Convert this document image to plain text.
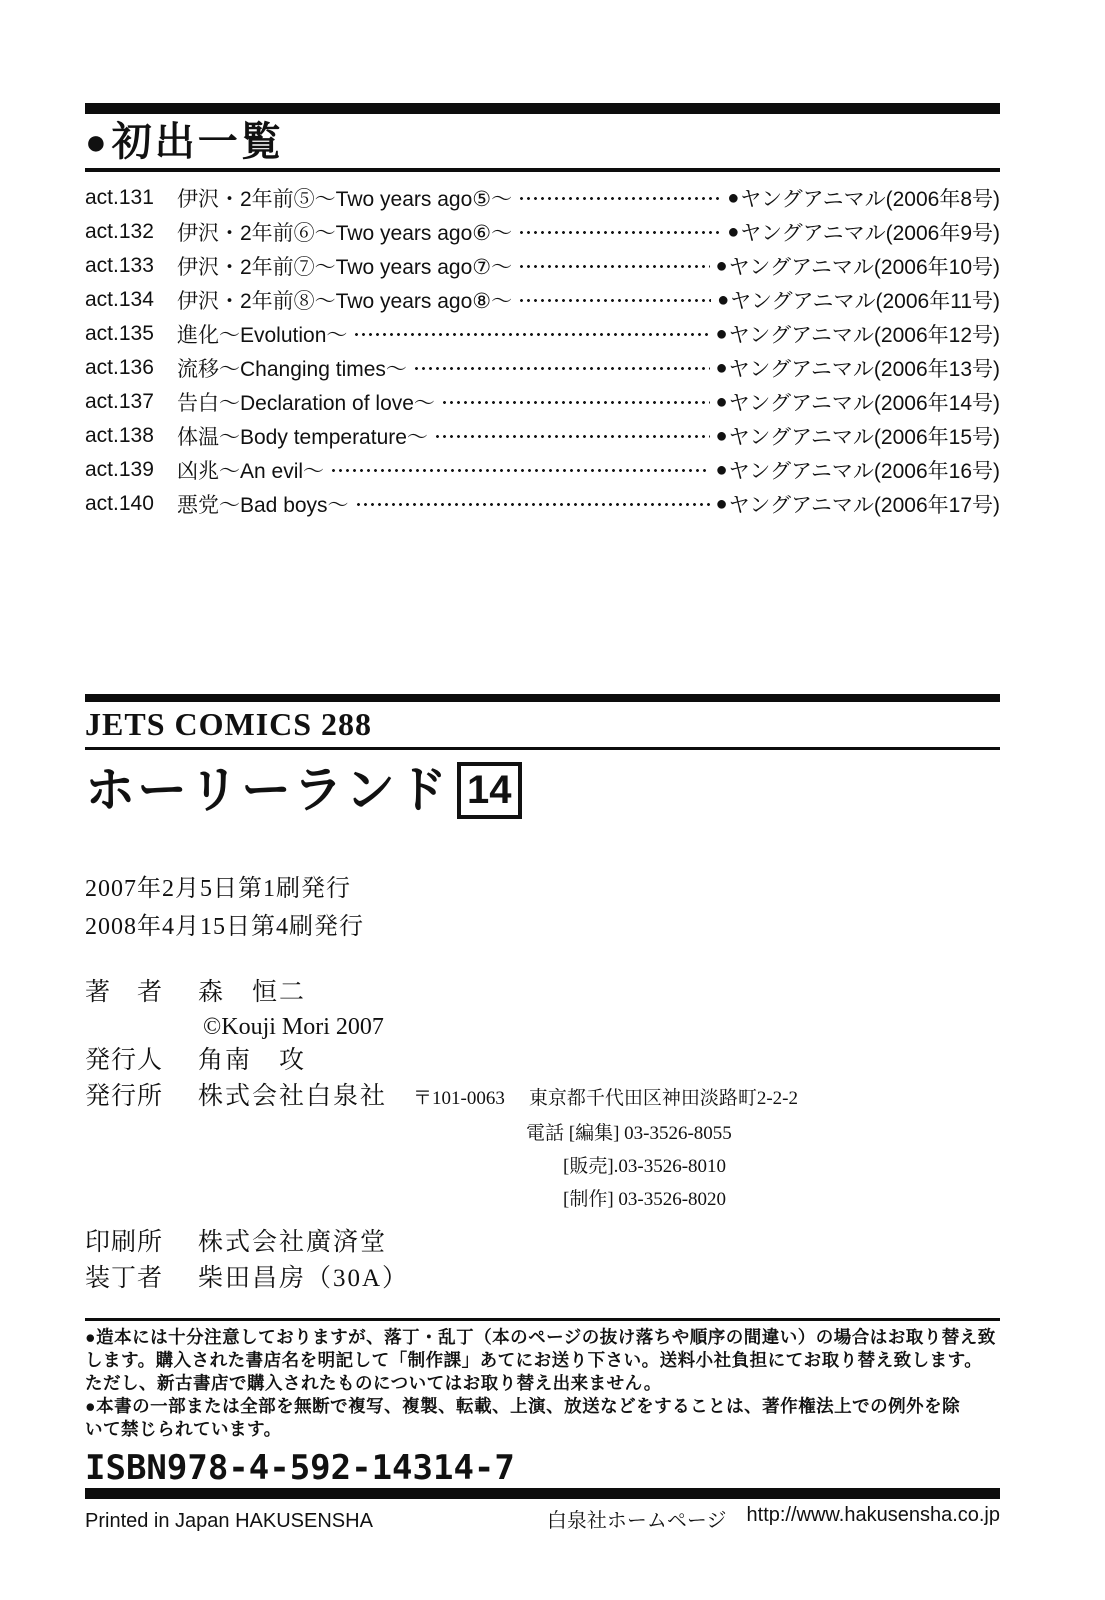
● 初出一覧
act.131	伊沢・2年前⑤～Two years ago⑤～	● ヤングアニマル(2006年8号)
act.132	伊沢・2年前⑥～Two years ago⑥～	● ヤングアニマル(2006年9号)
act.133	伊沢・2年前⑦～Two years ago⑦～	● ヤングアニマル(2006年10号)
act.134	伊沢・2年前⑧～Two years ago⑧～	● ヤングアニマル(2006年11号)
act.135	進化～Evolution～	● ヤングアニマル(2006年12号)
act.136	流移～Changing times～	● ヤングアニマル(2006年13号)
act.137	告白～Declaration of love～	● ヤングアニマル(2006年14号)
act.138	体温～Body temperature～	● ヤングアニマル(2006年15号)
act.139	凶兆～An evil～	● ヤングアニマル(2006年16号)
act.140	悪党～Bad boys～	● ヤングアニマル(2006年17号)
JETS COMICS 288
ホーリーランド 14
2007年2月5日第1刷発行
2008年4月15日第4刷発行
著　者	森　恒二
©Kouji Mori 2007
発行人	角南　攻
発行所	株式会社白泉社 〒101-0063 東京都千代田区神田淡路町2-2-2
電話 [編集] 03-3526-8055
[販売].03-3526-8010
[制作] 03-3526-8020
印刷所	株式会社廣済堂
装丁者	柴田昌房（30A）
●造本には十分注意しておりますが、落丁・乱丁（本のページの抜け落ちや順序の間違い）の場合はお取り替え致
します。購入された書店名を明記して「制作課」あてにお送り下さい。送料小社負担にてお取り替え致します。
ただし、新古書店で購入されたものについてはお取り替え出来ません。
●本書の一部または全部を無断で複写、複製、転載、上演、放送などをすることは、著作権法上での例外を除
いて禁じられています。
ISBN978-4-592-14314-7
Printed in Japan HAKUSENSHA	白泉社ホームページ http://www.hakusensha.co.jp
